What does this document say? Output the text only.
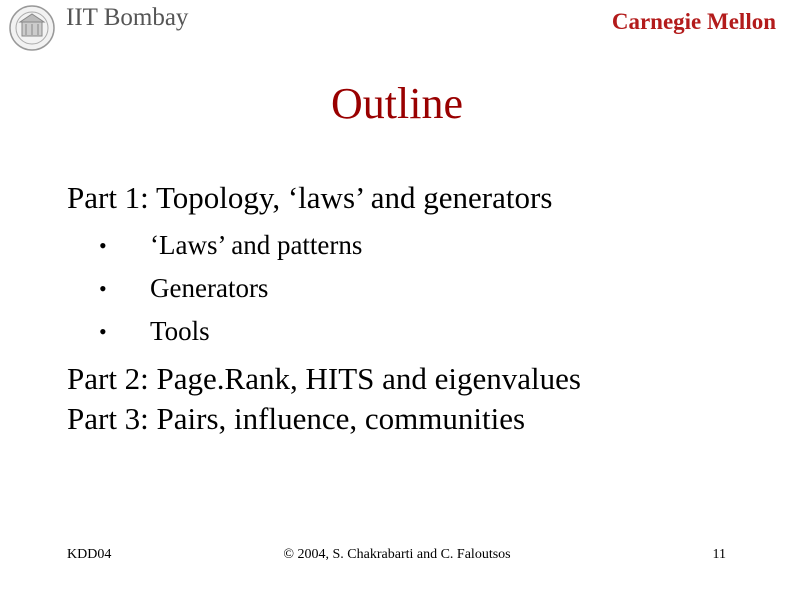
IIT Bombay	Carnegie Mellon
Outline
Part 1: Topology, ‘laws’ and generators
• ‘Laws’ and patterns
• Generators
• Tools
Part 2: Page.Rank, HITS and eigenvalues
Part 3: Pairs, influence, communities
KDD04	© 2004, S. Chakrabarti and C. Faloutsos	11
